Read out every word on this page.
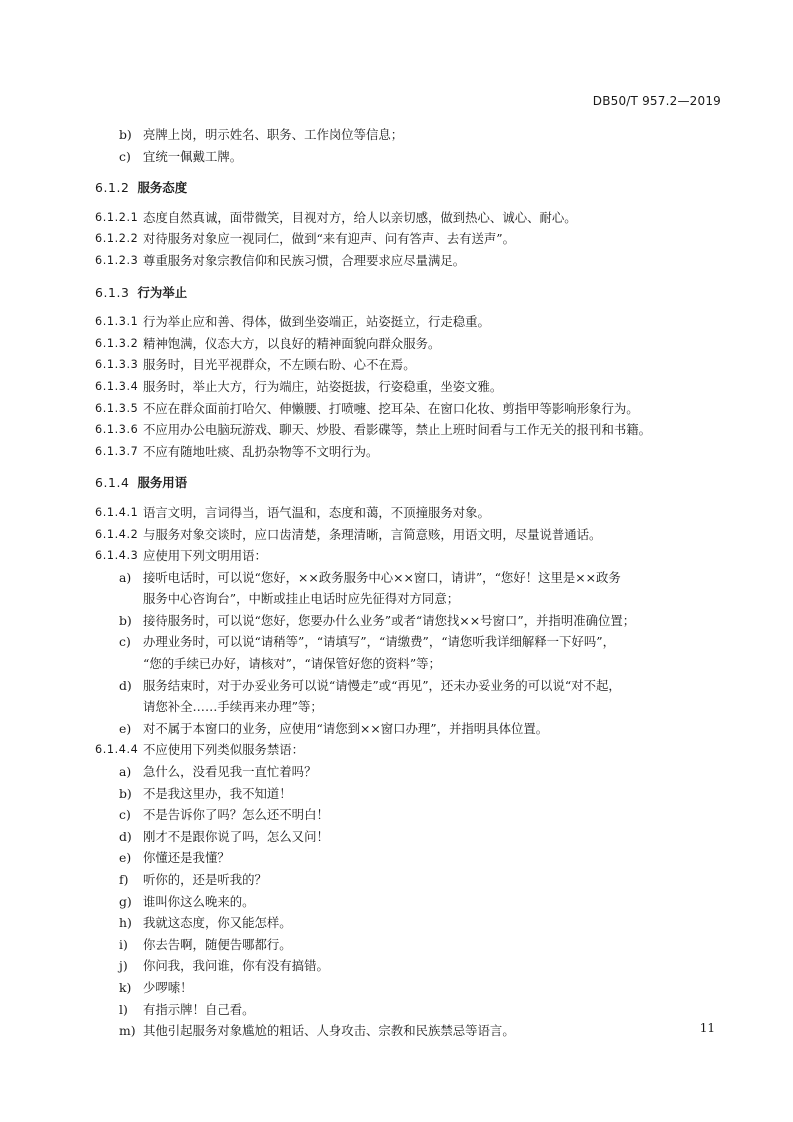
DB50/T 957.2—2019
b) 亮牌上岗，明示姓名、职务、工作岗位等信息；
c) 宜统一佩戴工牌。
6.1.2 服务态度
6.1.2.1 态度自然真诚，面带微笑，目视对方，给人以亲切感，做到热心、诚心、耐心。
6.1.2.2 对待服务对象应一视同仁，做到“来有迎声、问有答声、去有送声”。
6.1.2.3 尊重服务对象宗教信仰和民族习惯，合理要求应尽量满足。
6.1.3 行为举止
6.1.3.1 行为举止应和善、得体，做到坐姿端正，站姿挺立，行走稳重。
6.1.3.2 精神饱满，仪态大方，以良好的精神面貌向群众服务。
6.1.3.3 服务时，目光平视群众，不左顾右盼、心不在焉。
6.1.3.4 服务时，举止大方，行为端庄，站姿挺拔，行姿稳重，坐姿文雅。
6.1.3.5 不应在群众面前打哈欠、伸懒腰、打喷嚏、挖耳朵、在窗口化妆、剪指甲等影响形象行为。
6.1.3.6 不应用办公电脑玩游戏、聊天、炒股、看影碟等，禁止上班时间看与工作无关的报刊和书籍。
6.1.3.7 不应有随地吐痰、乱扔杂物等不文明行为。
6.1.4 服务用语
6.1.4.1 语言文明，言词得当，语气温和，态度和蔼，不顶撞服务对象。
6.1.4.2 与服务对象交谈时，应口齿清楚，条理清晰，言简意赅，用语文明，尽量说普通话。
6.1.4.3 应使用下列文明用语：
a) 接听电话时，可以说“您好，××政务服务中心××窗口，请讲”，“您好！这里是××政务
服务中心咨询台”，中断或挂止电话时应先征得对方同意；
b) 接待服务时，可以说“您好，您要办什么业务”或者“请您找××号窗口”，并指明准确位置；
c) 办理业务时，可以说“请稍等”，“请填写”，“请缴费”，“请您听我详细解释一下好吗”，
“您的手续已办好，请核对”，“请保管好您的资料”等；
d) 服务结束时，对于办妥业务可以说“请慢走”或“再见”，还未办妥业务的可以说“对不起，
请您补全……手续再来办理”等；
e) 对不属于本窗口的业务，应使用“请您到××窗口办理”，并指明具体位置。
6.1.4.4 不应使用下列类似服务禁语：
a) 急什么，没看见我一直忙着吗？
b) 不是我这里办，我不知道！
c) 不是告诉你了吗？怎么还不明白！
d) 刚才不是跟你说了吗，怎么又问！
e) 你懂还是我懂？
f)	听你的，还是听我的？
g) 谁叫你这么晚来的。
h) 我就这态度，你又能怎样。
i)	你去告啊，随便告哪都行。
j)	你问我，我问谁，你有没有搞错。
k) 少啰嗦！
l)	有指示牌！自己看。
m) 其他引起服务对象尴尬的粗话、人身攻击、宗教和民族禁忌等语言。	11
